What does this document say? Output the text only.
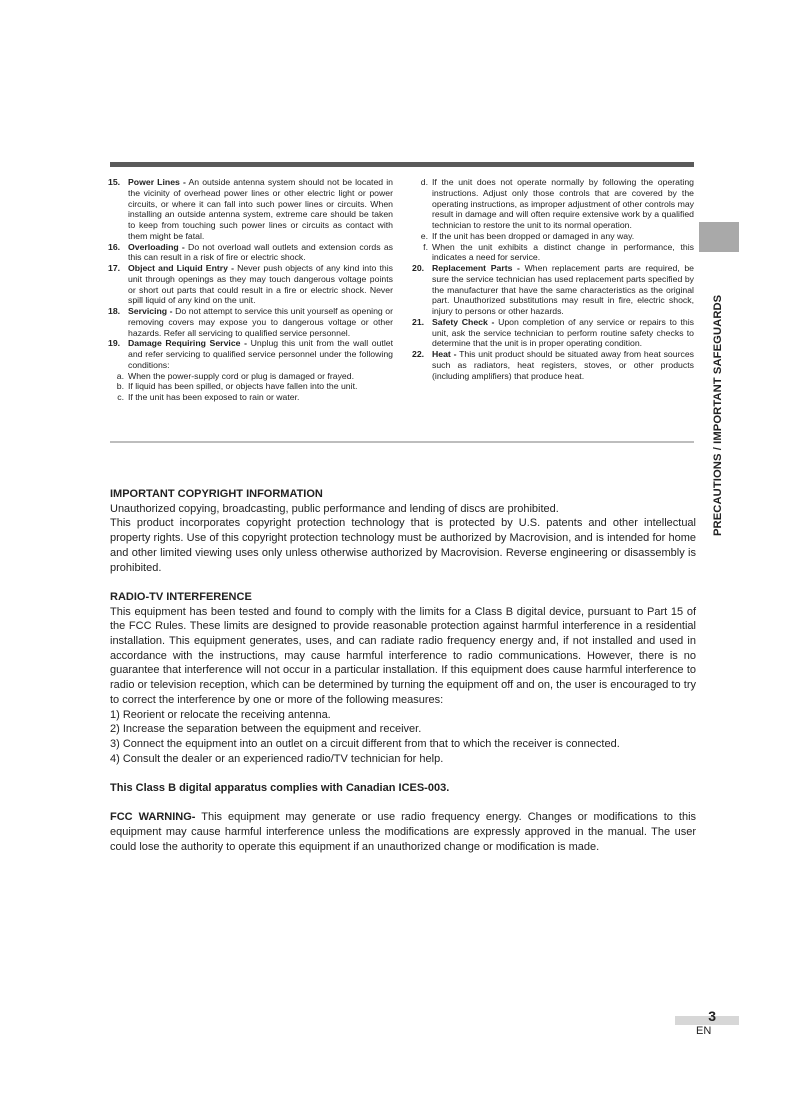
15. Power Lines - An outside antenna system should not be located in the vicinity of overhead power lines or other electric light or power circuits, or where it can fall into such power lines or circuits. When installing an outside antenna system, extreme care should be taken to keep from touching such power lines or circuits as contact with them might be fatal.
16. Overloading - Do not overload wall outlets and extension cords as this can result in a risk of fire or electric shock.
17. Object and Liquid Entry - Never push objects of any kind into this unit through openings as they may touch dangerous voltage points or short out parts that could result in a fire or electric shock. Never spill liquid of any kind on the unit.
18. Servicing - Do not attempt to service this unit yourself as opening or removing covers may expose you to dangerous voltage or other hazards. Refer all servicing to qualified service personnel.
19. Damage Requiring Service - Unplug this unit from the wall outlet and refer servicing to qualified service personnel under the following conditions:
a. When the power-supply cord or plug is damaged or frayed.
b. If liquid has been spilled, or objects have fallen into the unit.
c. If the unit has been exposed to rain or water.
d. If the unit does not operate normally by following the operating instructions. Adjust only those controls that are covered by the operating instructions, as improper adjustment of other controls may result in damage and will often require extensive work by a qualified technician to restore the unit to its normal operation.
e. If the unit has been dropped or damaged in any way.
f. When the unit exhibits a distinct change in performance, this indicates a need for service.
20. Replacement Parts - When replacement parts are required, be sure the service technician has used replacement parts specified by the manufacturer that have the same characteristics as the original part. Unauthorized substitutions may result in fire, electric shock, injury to persons or other hazards.
21. Safety Check - Upon completion of any service or repairs to this unit, ask the service technician to perform routine safety checks to determine that the unit is in proper operating condition.
22. Heat - This unit product should be situated away from heat sources such as radiators, heat registers, stoves, or other products (including amplifiers) that produce heat.

IMPORTANT COPYRIGHT INFORMATION

Unauthorized copying, broadcasting, public performance and lending of discs are prohibited.

This product incorporates copyright protection technology that is protected by U.S. patents and other intellectual property rights. Use of this copyright protection technology must be authorized by Macrovision, and is intended for home and other limited viewing uses only unless otherwise authorized by Macrovision. Reverse engineering or disassembly is prohibited.

RADIO-TV INTERFERENCE

This equipment has been tested and found to comply with the limits for a Class B digital device, pursuant to Part 15 of the FCC Rules. These limits are designed to provide reasonable protection against harmful interference in a residential installation. This equipment generates, uses, and can radiate radio frequency energy and, if not installed and used in accordance with the instructions, may cause harmful interference to radio communications. However, there is no guarantee that interference will not occur in a particular installation. If this equipment does cause harmful interference to radio or television reception, which can be determined by turning the equipment off and on, the user is encouraged to try to correct the interference by one or more of the following measures:

1) Reorient or relocate the receiving antenna.

2) Increase the separation between the equipment and receiver.

3) Connect the equipment into an outlet on a circuit different from that to which the receiver is connected.

4) Consult the dealer or an experienced radio/TV technician for help.

This Class B digital apparatus complies with Canadian ICES-003.

FCC WARNING- This equipment may generate or use radio frequency energy. Changes or modifications to this equipment may cause harmful interference unless the modifications are expressly approved in the manual. The user could lose the authority to operate this equipment if an unauthorized change or modification is made.

PRECAUTIONS / IMPORTANT SAFEGUARDS
3
EN
